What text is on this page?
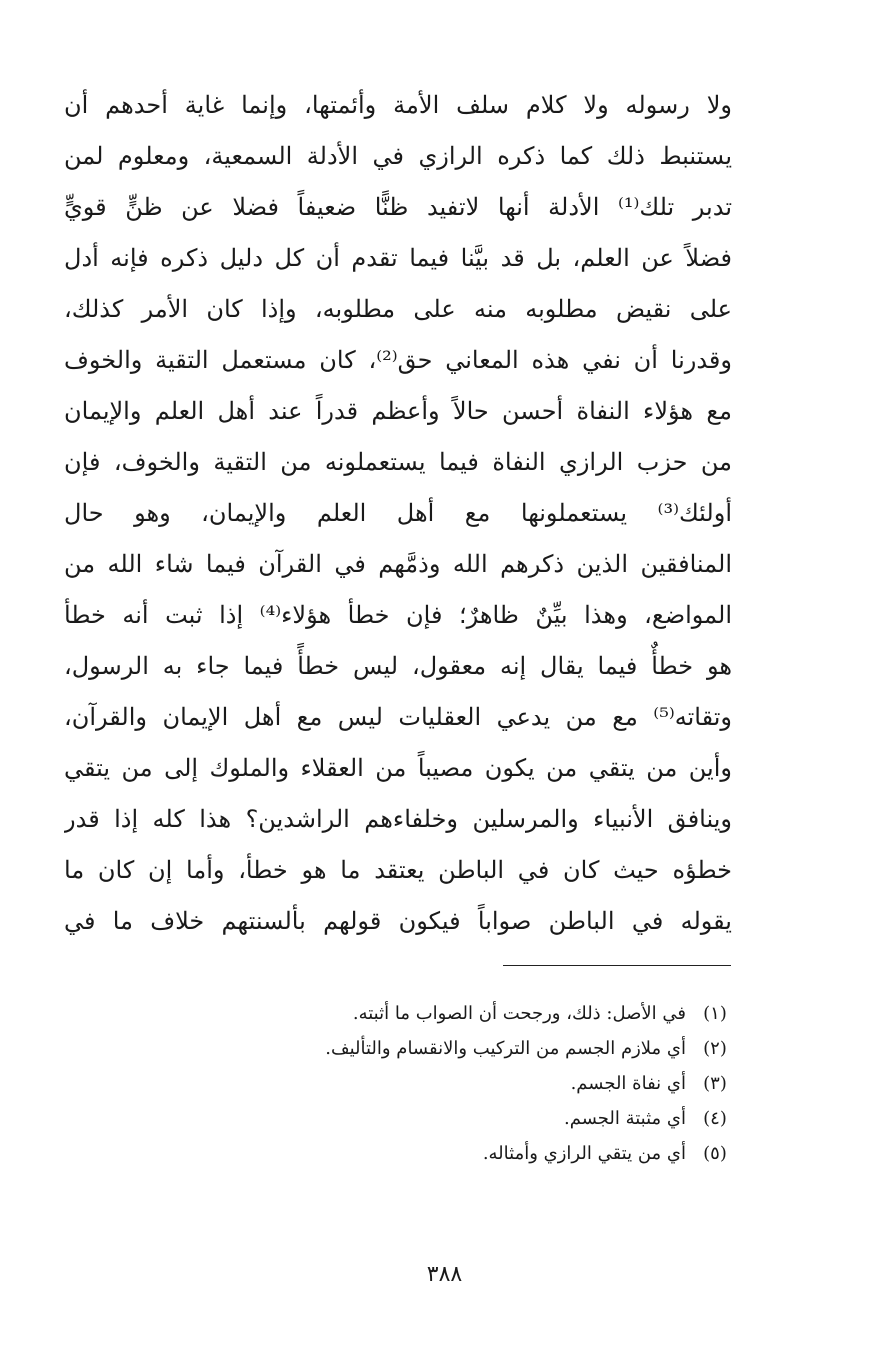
ولا رسوله ولا كلام سلف الأمة وأئمتها، وإنما غاية أحدهم أن
يستنبط ذلك كما ذكره الرازي في الأدلة السمعية، ومعلوم لمن
تدبر تلك⁽¹⁾ الأدلة أنها لاتفيد ظنًّا ضعيفاً فضلا عن ظنٍّ قويٍّ
فضلاً عن العلم، بل قد بيَّنا فيما تقدم أن كل دليل ذكره فإنه أدل
على نقيض مطلوبه منه على مطلوبه، وإذا كان الأمر كذلك،
وقدرنا أن نفي هذه المعاني حق⁽²⁾، كان مستعمل التقية والخوف
مع هؤلاء النفاة أحسن حالاً وأعظم قدراً عند أهل العلم والإيمان
من حزب الرازي النفاة فيما يستعملونه من التقية والخوف، فإن
أولئك⁽³⁾ يستعملونها مع أهل العلم والإيمان، وهو حال
المنافقين الذين ذكرهم الله وذمَّهم في القرآن فيما شاء الله من
المواضع، وهذا بيِّنٌ ظاهرٌ؛ فإن خطأ هؤلاء⁽⁴⁾ إذا ثبت أنه خطأ
هو خطأٌ فيما يقال إنه معقول، ليس خطأً فيما جاء به الرسول،
وتقاته⁽⁵⁾ مع من يدعي العقليات ليس مع أهل الإيمان والقرآن،
وأين من يتقي من يكون مصيباً من العقلاء والملوك إلى من يتقي
وينافق الأنبياء والمرسلين وخلفاءهم الراشدين؟ هذا كله إذا قدر
خطؤه حيث كان في الباطن يعتقد ما هو خطأ، وأما إن كان ما
يقوله في الباطن صواباً فيكون قولهم بألسنتهم خلاف ما في
(١)في الأصل: ذلك، ورجحت أن الصواب ما أثبته.
(٢)أي ملازم الجسم من التركيب والانقسام والتأليف.
(٣)أي نفاة الجسم.
(٤)أي مثبتة الجسم.
(٥)أي من يتقي الرازي وأمثاله.
٣٨٨
